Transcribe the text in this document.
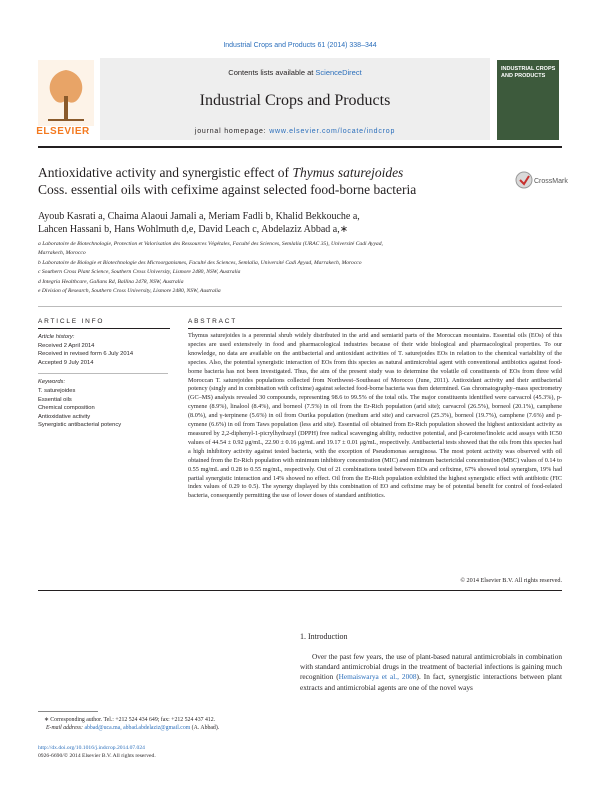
Industrial Crops and Products 61 (2014) 338–344
Contents lists available at ScienceDirect
Industrial Crops and Products
journal homepage: www.elsevier.com/locate/indcrop
ELSEVIER
INDUSTRIAL CROPS AND PRODUCTS
Antioxidative activity and synergistic effect of Thymus saturejoides
Coss. essential oils with cefixime against selected food-borne bacteria
CrossMark
Ayoub Kasrati a, Chaima Alaoui Jamali a, Meriam Fadli b, Khalid Bekkouche a,
Lahcen Hassani b, Hans Wohlmuth d,e, David Leach c, Abdelaziz Abbad a,∗
a Laboratoire de Biotechnologie, Protection et Valorisation des Ressources Végétales, Faculté des Sciences, Semlalia (URAC 35), Université Cadi Ayyad,
Marrakech, Morocco
b Laboratoire de Biologie et Biotechnologie des Microorganismes, Faculté des Sciences, Semlalia, Université Cadi Ayyad, Marrakech, Morocco
c Southern Cross Plant Science, Southern Cross University, Lismore 2480, NSW, Australia
d Integria Healthcare, Gallans Rd, Ballina 2478, NSW, Australia
e Division of Research, Southern Cross University, Lismore 2480, NSW, Australia
ARTICLE INFO	ABSTRACT
Article history:
Received 2 April 2014
Received in revised form 6 July 2014
Accepted 9 July 2014
Keywords:
T. saturejoides
Essential oils
Chemical composition
Antioxidative activity
Synergistic antibacterial potency
Thymus saturejoides is a perennial shrub widely distributed in the arid and semiarid parts of the Moroccan mountains. Essential oils (EOs) of this species are used extensively in food and pharmacological industries because of their wide biological and pharmacological properties. To our knowledge, no data are available on the antibacterial and antioxidant activities of T. saturejoides EOs in relation to the chemical variability of the species. Also, the potential synergistic interaction of EOs from this species as natural antimicrobial agent with conventional antibiotics against food-borne bacteria has not been investigated. Thus, the aim of the present study was to determine the volatile oil constituents of EOs from three wild Moroccan T. saturejoides populations collected from Northwest–Southeast of Morocco (June, 2011). Antioxidant activity and their antibacterial potency (singly and in combination with cefixime) against selected food-borne bacteria was then determined. Gas chromatography–mass spectrometry (GC–MS) analysis revealed 30 compounds, representing 98.6 to 99.5% of the total oils. The major constituents identified were carvacrol (45.3%), p-cymene (8.9%), linalool (8.4%), and borneol (7.5%) in oil from the Er-Rich population (arid site); carvacrol (26.5%), borneol (20.1%), camphene (8.0%), and γ-terpinene (5.6%) in oil from Ourika population (medium arid site) and carvacrol (25.3%), borneol (19.7%), camphene (7.6%) and p-cymene (6.6%) in oil from Taws population (less arid site). Essential oil obtained from Er-Rich population showed the highest antioxidant activity as measured by 2,2-diphenyl-1-picrylhydrazyl (DPPH) free radical scavenging ability, reductive potential, and β-carotene/linoleic acid assays with IC50 values of 44.54 ± 0.92 μg/mL, 22.90 ± 0.16 μg/mL and 19.17 ± 0.01 μg/mL, respectively. Antibacterial tests showed that the oils from this species had a high inhibitory activity against tested bacteria, with the exception of Pseudomonas aeruginosa. The most potent activity was observed with oil obtained from the Er-Rich population with minimum inhibitory concentration (MIC) and minimum bactericidal concentration (MBC) values of 0.14 to 0.55 mg/mL and 0.28 to 0.55 mg/mL, respectively. Out of 21 combinations tested between EOs and cefixime, 67% showed total synergism, 19% had partial synergistic interaction and 14% showed no effect. Oil from the Er-Rich population exhibited the highest synergistic effect with antibiotic (FIC index values of 0.29 to 0.5). The synergy displayed by this combination of EO and cefixime may be of potential benefit for control of food-related bacteria, consequently permitting the use of lower doses of standard antibiotics.
© 2014 Elsevier B.V. All rights reserved.
1. Introduction
Over the past few years, the use of plant-based natural antimicrobials in combination with standard antimicrobial drugs in the treatment of bacterial infections is gaining much recognition (Hemaiswarya et al., 2008). In fact, synergistic interactions between plant extracts and antimicrobial agents are one of the novel ways
∗ Corresponding author. Tel.: +212 524 434 649; fax: +212 524 437 412.
E-mail address: abbad@uca.ma, abbad.abdelaziz@gmail.com (A. Abbad).
http://dx.doi.org/10.1016/j.indcrop.2014.07.024
0926-6690/© 2014 Elsevier B.V. All rights reserved.
